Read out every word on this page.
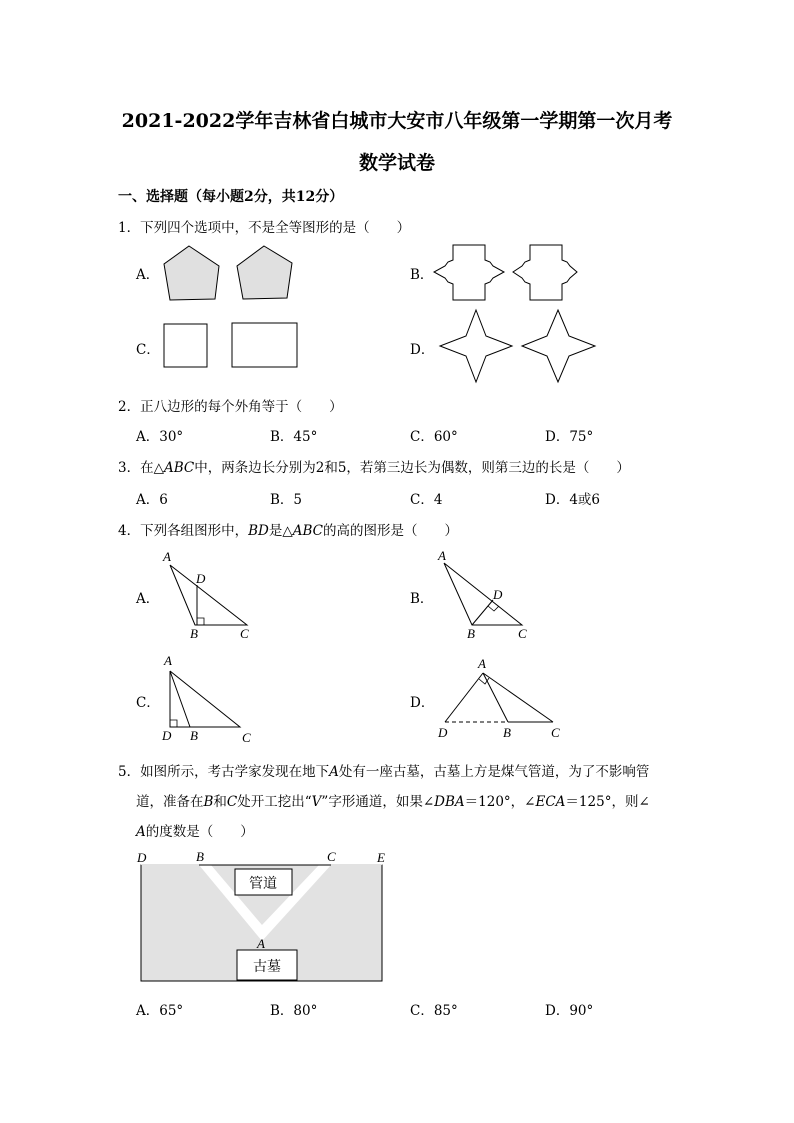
2021-2022学年吉林省白城市大安市八年级第一学期第一次月考
数学试卷
一、选择题（每小题2分，共12分）
1．下列四个选项中，不是全等图形的是（　　）
A．	B．
C．	D．
2．正八边形的每个外角等于（　　）
A．30°	B．45°	C．60°	D．75°
3．在△ABC中，两条边长分别为2和5，若第三边长为偶数，则第三边的长是（　　）
A．6	B．5	C．4	D．4或6
4．下列各组图形中，BD是△ABC的高的图形是（　　）
A．	B．
C．	D．
A
D
B	C
A
D
B	C
A
D B	C
A
D	B	C
5．如图所示，考古学家发现在地下A处有一座古墓，古墓上方是煤气管道，为了不影响管
道，准备在B和C处开工挖出“V”字形通道，如果∠DBA＝120°，∠ECA＝125°，则∠
A的度数是（　　）
管道
古墓
D	B	C	E
A
A．65°	B．80°	C．85°	D．90°
